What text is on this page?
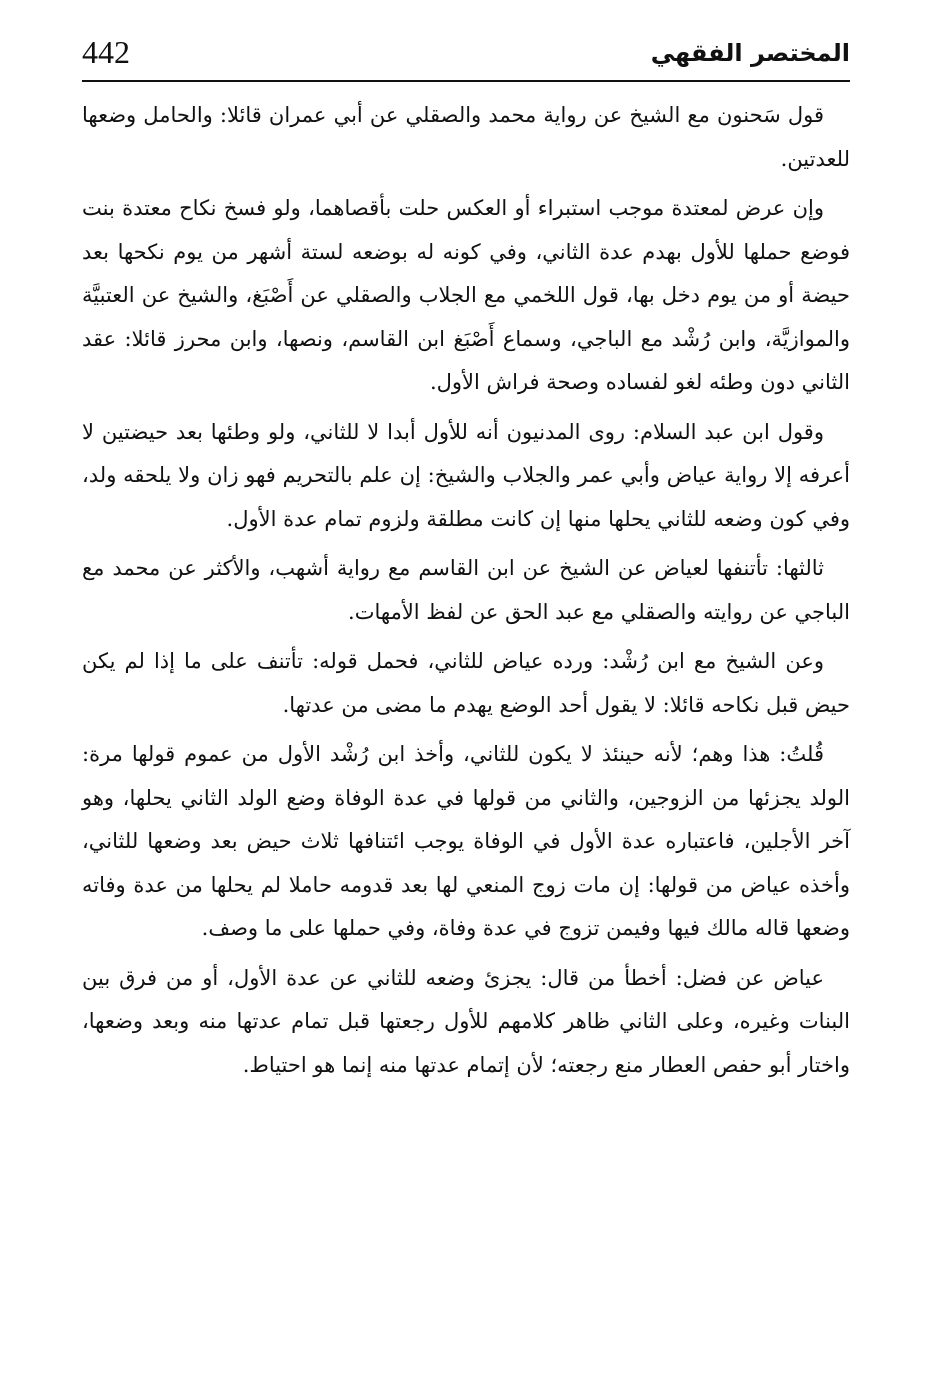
442	المختصر الفقهي

قول سَحنون مع الشيخ عن رواية محمد والصقلي عن أبي عمران قائلا: والحامل وضعها للعدتين.

وإن عرض لمعتدة موجب استبراء أو العكس حلت بأقصاهما، ولو فسخ نكاح معتدة بنت فوضع حملها للأول بهدم عدة الثاني، وفي كونه له بوضعه لستة أشهر من يوم نكحها بعد حيضة أو من يوم دخل بها، قول اللخمي مع الجلاب والصقلي عن أَصْبَغ، والشيخ عن العتبيَّة والموازيَّة، وابن رُشْد مع الباجي، وسماع أَصْبَغ ابن القاسم، ونصها، وابن محرز قائلا: عقد الثاني دون وطئه لغو لفساده وصحة فراش الأول.

وقول ابن عبد السلام: روى المدنيون أنه للأول أبدا لا للثاني، ولو وطئها بعد حيضتين لا أعرفه إلا رواية عياض وأبي عمر والجلاب والشيخ: إن علم بالتحريم فهو زان ولا يلحقه ولد، وفي كون وضعه للثاني يحلها منها إن كانت مطلقة ولزوم تمام عدة الأول.

ثالثها: تأتنفها لعياض عن الشيخ عن ابن القاسم مع رواية أشهب، والأكثر عن محمد مع الباجي عن روايته والصقلي مع عبد الحق عن لفظ الأمهات.

وعن الشيخ مع ابن رُشْد: ورده عياض للثاني، فحمل قوله: تأتنف على ما إذا لم يكن حيض قبل نكاحه قائلا: لا يقول أحد الوضع يهدم ما مضى من عدتها.

قُلتُ: هذا وهم؛ لأنه حينئذ لا يكون للثاني، وأخذ ابن رُشْد الأول من عموم قولها مرة: الولد يجزئها من الزوجين، والثاني من قولها في عدة الوفاة وضع الولد الثاني يحلها، وهو آخر الأجلين، فاعتباره عدة الأول في الوفاة يوجب ائتنافها ثلاث حيض بعد وضعها للثاني، وأخذه عياض من قولها: إن مات زوج المنعي لها بعد قدومه حاملا لم يحلها من عدة وفاته وضعها قاله مالك فيها وفيمن تزوج في عدة وفاة، وفي حملها على ما وصف.

عياض عن فضل: أخطأ من قال: يجزئ وضعه للثاني عن عدة الأول، أو من فرق بين البنات وغيره، وعلى الثاني ظاهر كلامهم للأول رجعتها قبل تمام عدتها منه وبعد وضعها، واختار أبو حفص العطار منع رجعته؛ لأن إتمام عدتها منه إنما هو احتياط.
